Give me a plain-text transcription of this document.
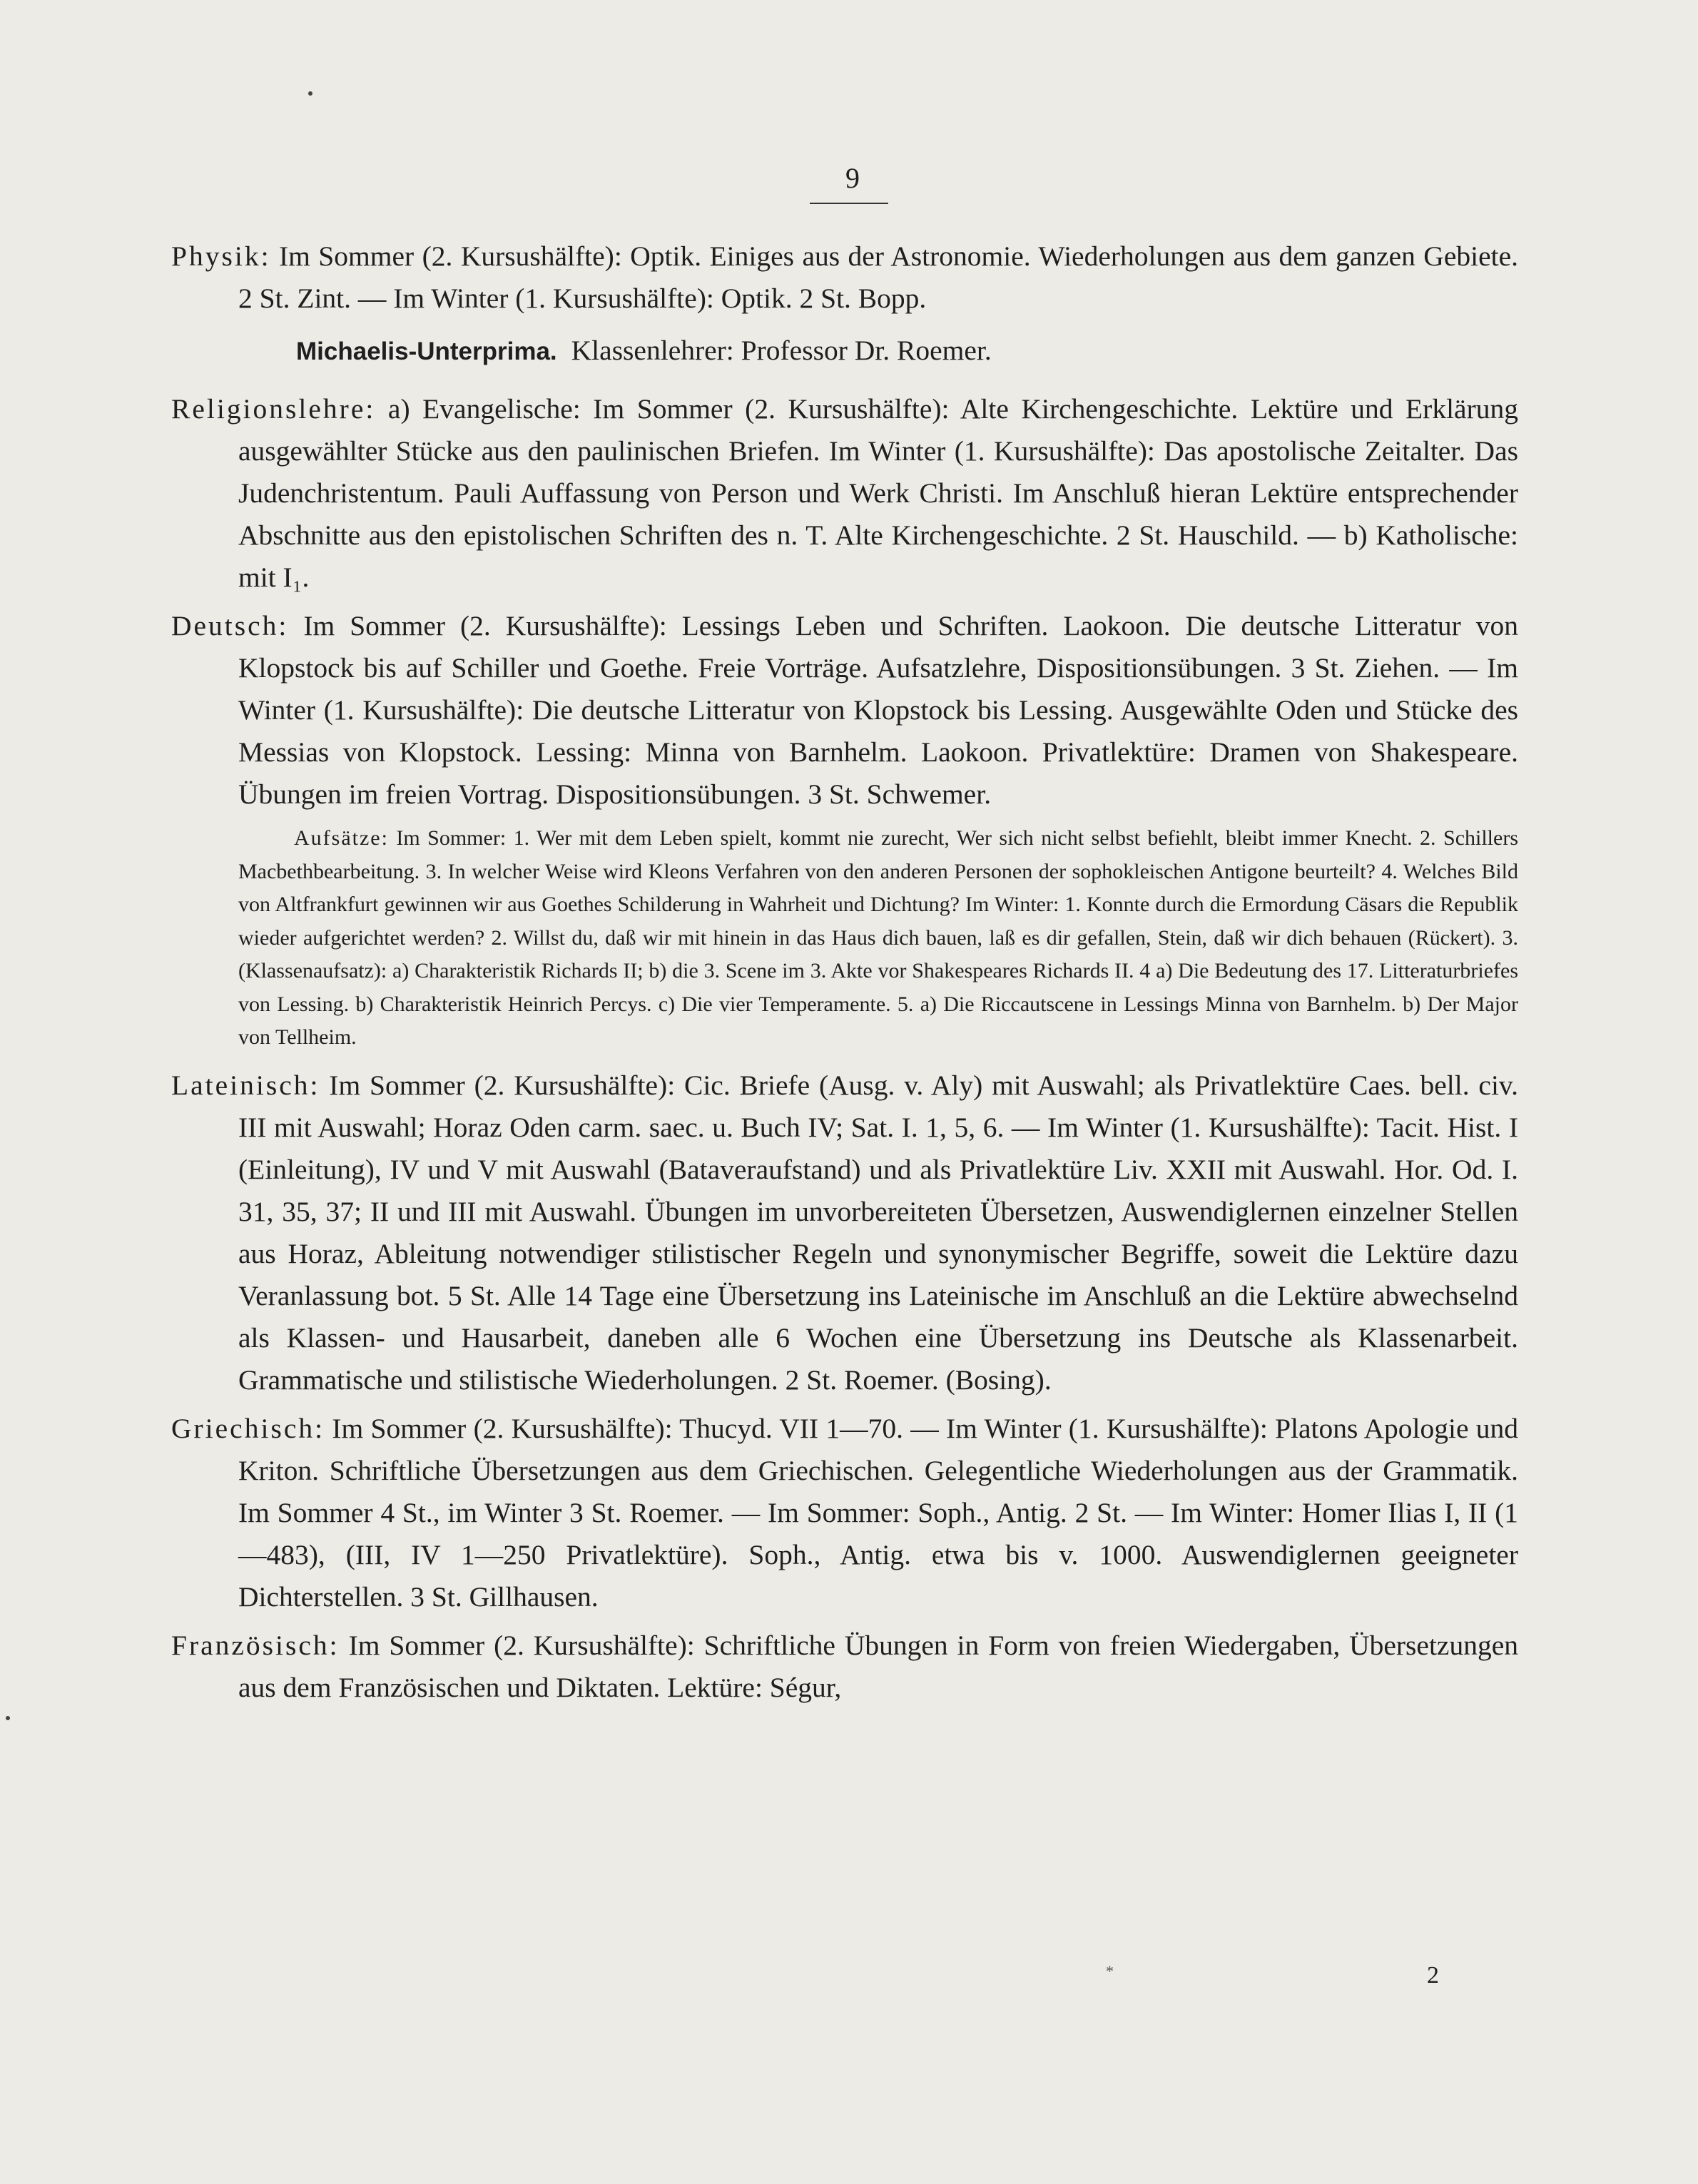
9

Physik: Im Sommer (2. Kursushälfte): Optik. Einiges aus der Astronomie. Wiederholungen aus dem ganzen Gebiete. 2 St. Zint. — Im Winter (1. Kursushälfte): Optik. 2 St. Bopp.

Michaelis-Unterprima. Klassenlehrer: Professor Dr. Roemer.

Religionslehre: a) Evangelische: Im Sommer (2. Kursushälfte): Alte Kirchengeschichte. Lektüre und Erklärung ausgewählter Stücke aus den paulinischen Briefen. Im Winter (1. Kursushälfte): Das apostolische Zeitalter. Das Judenchristentum. Pauli Auffassung von Person und Werk Christi. Im Anschluß hieran Lektüre entsprechender Abschnitte aus den epistolischen Schriften des n. T. Alte Kirchengeschichte. 2 St. Hauschild. — b) Katholische: mit I₁.

Deutsch: Im Sommer (2. Kursushälfte): Lessings Leben und Schriften. Laokoon. Die deutsche Litteratur von Klopstock bis auf Schiller und Goethe. Freie Vorträge. Aufsatzlehre, Dispositionsübungen. 3 St. Ziehen. — Im Winter (1. Kursushälfte): Die deutsche Litteratur von Klopstock bis Lessing. Ausgewählte Oden und Stücke des Messias von Klopstock. Lessing: Minna von Barnhelm. Laokoon. Privatlektüre: Dramen von Shakespeare. Übungen im freien Vortrag. Dispositionsübungen. 3 St. Schwemer.

Aufsätze: Im Sommer: 1. Wer mit dem Leben spielt, kommt nie zurecht, Wer sich nicht selbst befiehlt, bleibt immer Knecht. 2. Schillers Macbethbearbeitung. 3. In welcher Weise wird Kleons Verfahren von den anderen Personen der sophokleischen Antigone beurteilt? 4. Welches Bild von Altfrankfurt gewinnen wir aus Goethes Schilderung in Wahrheit und Dichtung? Im Winter: 1. Konnte durch die Ermordung Cäsars die Republik wieder aufgerichtet werden? 2. Willst du, daß wir mit hinein in das Haus dich bauen, laß es dir gefallen, Stein, daß wir dich behauen (Rückert). 3. (Klassenaufsatz): a) Charakteristik Richards II; b) die 3. Scene im 3. Akte vor Shakespeares Richards II. 4 a) Die Bedeutung des 17. Litteraturbriefes von Lessing. b) Charakteristik Heinrich Percys. c) Die vier Temperamente. 5. a) Die Riccautscene in Lessings Minna von Barnhelm. b) Der Major von Tellheim.

Lateinisch: Im Sommer (2. Kursushälfte): Cic. Briefe (Ausg. v. Aly) mit Auswahl; als Privatlektüre Caes. bell. civ. III mit Auswahl; Horaz Oden carm. saec. u. Buch IV; Sat. I. 1, 5, 6. — Im Winter (1. Kursushälfte): Tacit. Hist. I (Einleitung), IV und V mit Auswahl (Bataveraufstand) und als Privatlektüre Liv. XXII mit Auswahl. Hor. Od. I. 31, 35, 37; II und III mit Auswahl. Übungen im unvorbereiteten Übersetzen, Auswendiglernen einzelner Stellen aus Horaz, Ableitung notwendiger stilistischer Regeln und synonymischer Begriffe, soweit die Lektüre dazu Veranlassung bot. 5 St. Alle 14 Tage eine Übersetzung ins Lateinische im Anschluß an die Lektüre abwechselnd als Klassen- und Hausarbeit, daneben alle 6 Wochen eine Übersetzung ins Deutsche als Klassenarbeit. Grammatische und stilistische Wiederholungen. 2 St. Roemer. (Bosing).

Griechisch: Im Sommer (2. Kursushälfte): Thucyd. VII 1—70. — Im Winter (1. Kursushälfte): Platons Apologie und Kriton. Schriftliche Übersetzungen aus dem Griechischen. Gelegentliche Wiederholungen aus der Grammatik. Im Sommer 4 St., im Winter 3 St. Roemer. — Im Sommer: Soph., Antig. 2 St. — Im Winter: Homer Ilias I, II (1—483), (III, IV 1—250 Privatlektüre). Soph., Antig. etwa bis v. 1000. Auswendiglernen geeigneter Dichterstellen. 3 St. Gillhausen.

Französisch: Im Sommer (2. Kursushälfte): Schriftliche Übungen in Form von freien Wiedergaben, Übersetzungen aus dem Französischen und Diktaten. Lektüre: Ségur,

*	2
